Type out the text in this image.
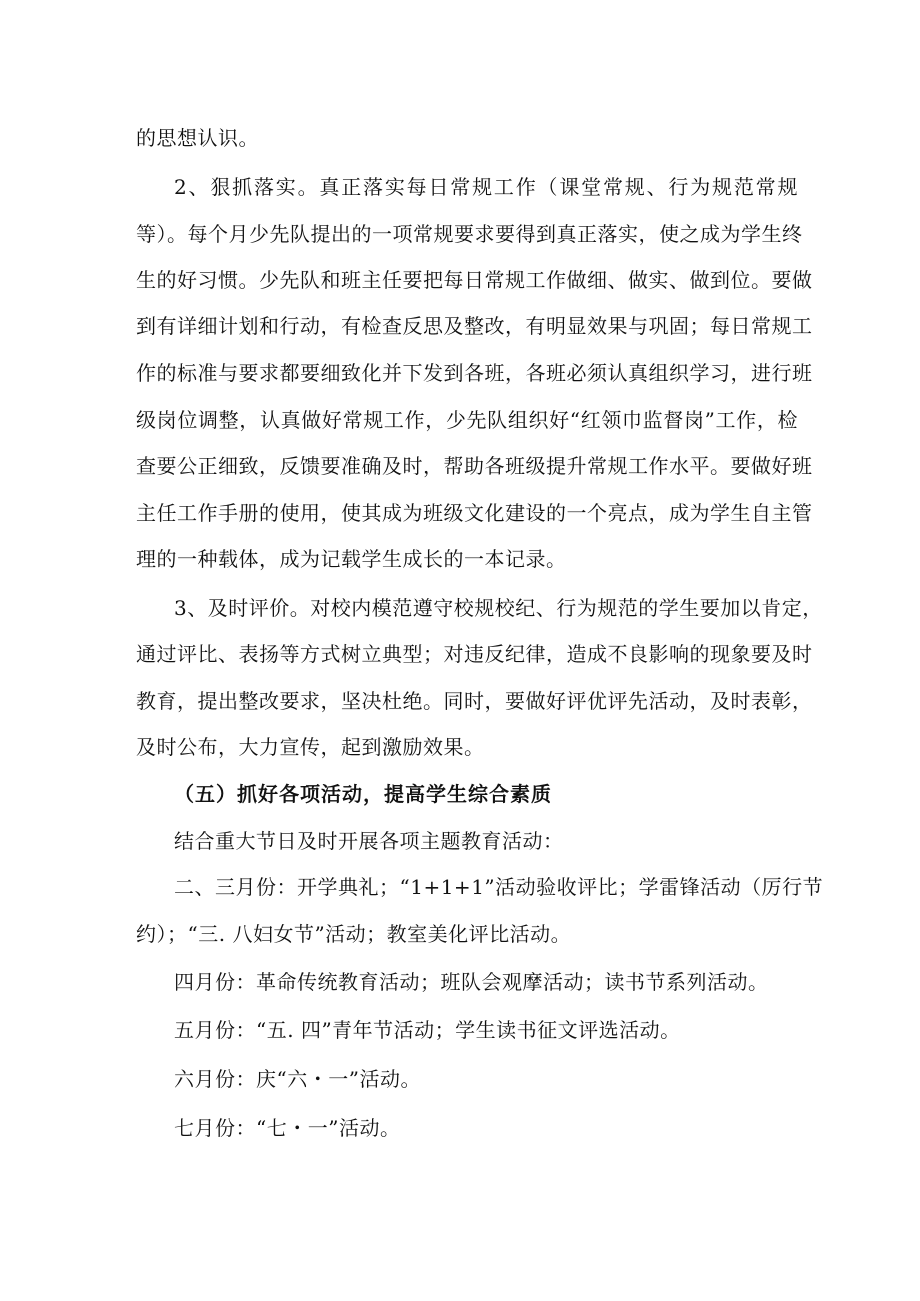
的思想认识。
2、狠抓落实。真正落实每日常规工作（课堂常规、行为规范常规
等）。每个月少先队提出的一项常规要求要得到真正落实，使之成为学生终
生的好习惯。少先队和班主任要把每日常规工作做细、做实、做到位。要做
到有详细计划和行动，有检查反思及整改，有明显效果与巩固；每日常规工
作的标准与要求都要细致化并下发到各班，各班必须认真组织学习，进行班
级岗位调整，认真做好常规工作，少先队组织好“红领巾监督岗”工作，检
查要公正细致，反馈要准确及时，帮助各班级提升常规工作水平。要做好班
主任工作手册的使用，使其成为班级文化建设的一个亮点，成为学生自主管
理的一种载体，成为记载学生成长的一本记录。
3、及时评价。对校内模范遵守校规校纪、行为规范的学生要加以肯定，
通过评比、表扬等方式树立典型；对违反纪律，造成不良影响的现象要及时
教育，提出整改要求，坚决杜绝。同时，要做好评优评先活动，及时表彰，
及时公布，大力宣传，起到激励效果。
（五）抓好各项活动，提高学生综合素质
结合重大节日及时开展各项主题教育活动：
二、三月份：开学典礼；“1+1+1”活动验收评比；学雷锋活动（厉行节
约）；“三. 八妇女节”活动；教室美化评比活动。
四月份：革命传统教育活动；班队会观摩活动；读书节系列活动。
五月份：“五. 四”青年节活动；学生读书征文评选活动。
六月份：庆“六・一”活动。
七月份：“七・一”活动。
